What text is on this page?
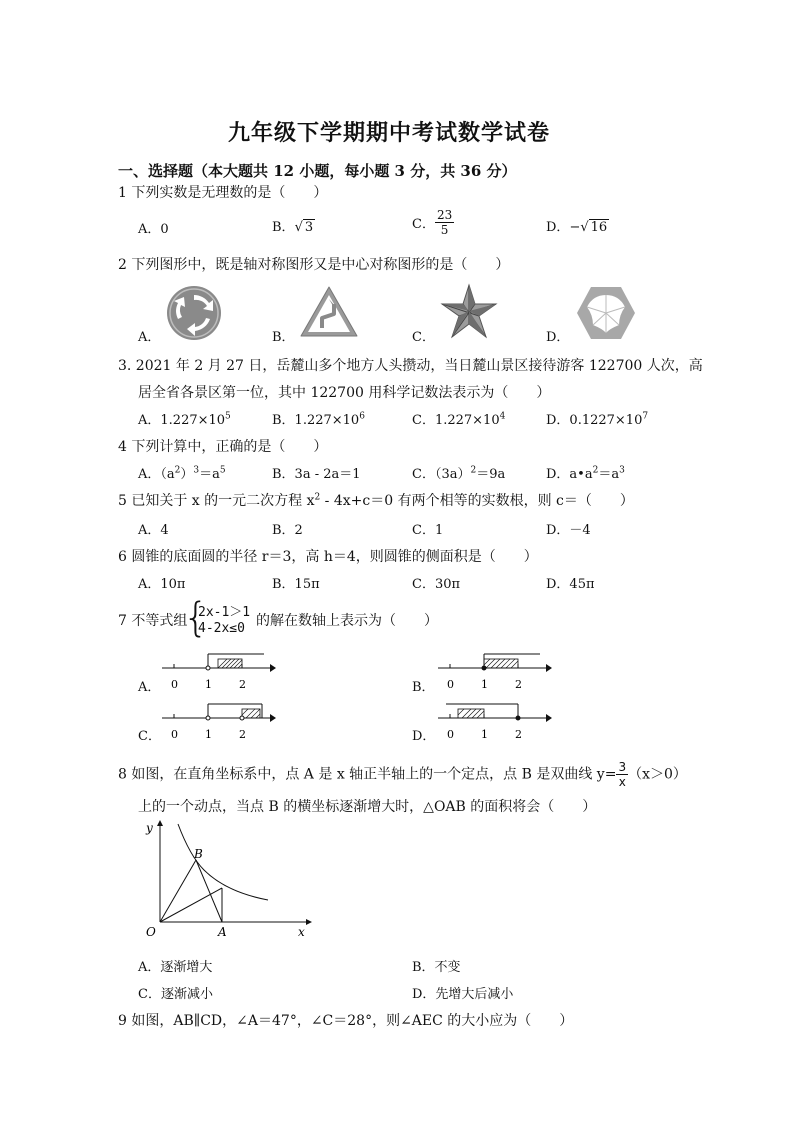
九年级下学期期中考试数学试卷
一、选择题（本大题共 12 小题，每小题 3 分，共 36 分）
1 下列实数是无理数的是（　　）
A．0	B．√ 3	C． $\frac{23}{5}$	D．−√ 16
2 下列图形中，既是轴对称图形又是中心对称图形的是（　　）
A．	B．	C．	D．
3. 2021 年 2 月 27 日，岳麓山多个地方人头攒动，当日麓山景区接待游客 122700 人次，高
居全省各景区第一位，其中 122700 用科学记数法表示为（　　）
A．$1.227\times 10^5$	B．$1.227\times 10^6$	C．$1.227\times 10^4$	D．$0.1227\times 10^7$
4 下列计算中，正确的是（　　）
A．$(a^2)^3=a^5$	B．3a - 2a＝1	C．$(3a)^2=9a$	D．$a•a^2=a^3$
5 已知关于 x 的一元二次方程 $x^2 - 4x+c=0$ 有两个相等的实数根，则 c＝（　　）
A．4	B．2	C．1	D．－4
6 圆锥的底面圆的半径 r＝3，高 h＝4，则圆锥的侧面积是（　　）
A．10π	B．15π	C．30π	D．45π
7 不等式组
{
2x-1＞1
4-2x≤0 的解在数轴上表示为（　　）
A．	B．
C．	D．
0 1 2	0 1 2
0 1 2	0 1 2
8 如图，在直角坐标系中，点 A 是 x 轴正半轴上的一个定点，点 B 是双曲线 $y= \frac{3}{x} (x>0)$
上的一个动点，当点 B 的横坐标逐渐增大时，△OAB 的面积将会（　　）
y
x
O	A
B
A．逐渐增大	B．不变
C．逐渐减小	D．先增大后减小
9 如图，AB∥CD，∠A＝47°，∠C＝28°，则∠AEC 的大小应为（　　）
